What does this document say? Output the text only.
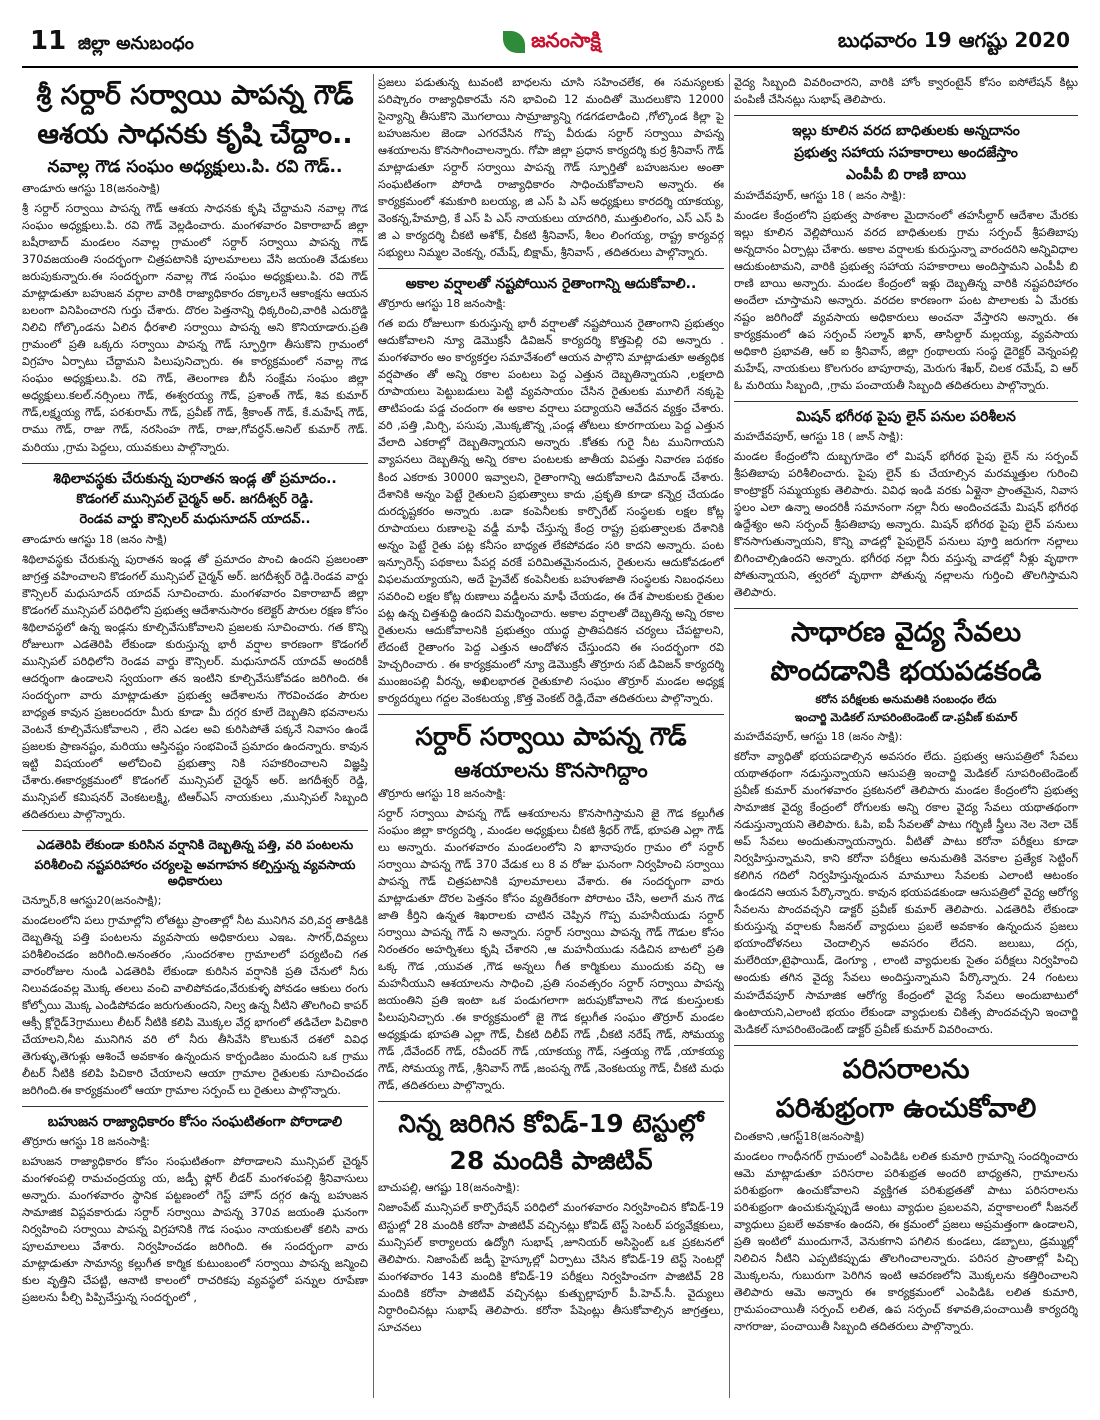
11 జిల్లా అనుబంధం	జనంసాక్షి	బుధవారం 19 ఆగష్టు 2020
శ్రీ సర్దార్ సర్వాయి పాపన్న గౌడ్
ఆశయ సాధనకు కృషి చేద్దాం..
నవాల్ల గౌడ సంఘం అధ్యక్షులు.పి. రవి గౌడ్..
తాండూరు ఆగస్టు 18(జనంసాక్షి)

శ్రీ సర్దార్ సర్వాయి పాపన్న గౌడ్ ఆశయ సాధనకు కృషి చేద్దామని నవాల్ల గౌడ సంఘం అధ్యక్షులు.పి. రవి గౌడ్ వెల్లడించారు. మంగళవారం వికారాబాద్ జిల్లా బషీరాబాద్ మండలం నవాల్ల గ్రామంలో సర్దార్ సర్వాయి పాపన్న గౌడ్ 370వజయంతి సందర్భంగా చిత్రపటానికి పూలమాలలు వేసి జయంతి వేడుకలు జరుపుకున్నారు.ఈ సందర్భంగా నవాల్ల గౌడ సంఘం అధ్యక్షులు.పి. రవి గౌడ్ మాట్లాడుతూ బహుజన వర్గాల వారికి రాజ్యాధికారం దక్కాలనే ఆకాంక్షను ఆయన బలంగా వినిపించారని గుర్తు చేశారు. దొరల పెత్తనాన్ని ధిక్కరించి,వారికి ఎదురొడ్డి నిలిచి గోల్కొండను ఏలిన ధీరశాలి సర్వాయి పాపన్న అని కొనియాడారు.ప్రతి గ్రామంలో ప్రతి ఒక్కరు సర్వాయి పాపన్న గౌడ్ స్ఫూర్తిగా తీసుకొని గ్రామంలో విగ్రహం ఏర్పాటు చేద్దామని పిలుపునిచ్చారు. ఈ కార్యక్రమంలో నవాల్ల గౌడ సంఘం అధ్యక్షులు.పి. రవి గౌడ్, తెలంగాణ బీసీ సంక్షేమ సంఘం జిల్లా అధ్యక్షులు.కలల్.నర్సింలు గౌడ్, ఈశ్వరయ్య గౌడ్, ప్రశాంత్ గౌడ్, శివ కుమార్ గౌడ్,లక్ష్మయ్య గౌడ్, పరశురామ్ గౌడ్, ప్రవీణ్ గౌడ్, శ్రీకాంత్ గౌడ్, కే.మహేష్ గౌడ్, రాము గౌడ్, రాజు గౌడ్, నరసింహ గౌడ్, రాజు,గోవర్ధన్.అనిల్ కుమార్ గౌడ్. మరియు ,గ్రామ పెద్దలు, యువకులు పాల్గొన్నారు.

శిథిలావస్థకు చేరుకున్న పురాతన ఇండ్ల తో ప్రమాదం..
కొడంగల్ మున్సిపల్ చైర్మన్ అర్. జగదీశ్వర్ రెడ్డి.
రెండవ వార్డు కౌన్సిలర్ మధుసూదన్ యాదవ్..
తాండూరు ఆగస్టు 18 (జనం సాక్షి)

శిథిలావస్థకు చేరుకున్న పురాతన ఇండ్ల తో ప్రమాదం పొంచి ఉందని ప్రజలంతా జాగ్రత్త వహించాలని కొడంగల్ మున్సిపల్ చైర్మన్ అర్. జగదీశ్వర్ రెడ్డి.రెండవ వార్డు కౌన్సిలర్ మధుసూదన్ యాదవ్ సూచించారు. మంగళవారం వికారాబాద్ జిల్లా కొడంగల్ మున్సిపల్ పరిధిలోని ప్రభుత్వ ఆదేశానుసారం కలెక్టర్ పౌరుల రక్షణ కోసం శిథిలావస్థలో ఉన్న ఇండ్లను కూల్చివేసుకోవాలని ప్రజలకు సూచించారు. గత కొన్ని రోజులుగా ఎడతెరిపి లేకుండా కురుస్తున్న భారీ వర్షాల కారణంగా కొడంగల్ మున్సిపల్ పరిధిలోని రెండవ వార్డు కౌన్సిలర్. మధుసూదన్ యాదవ్ అందరికీ ఆదర్శంగా ఉండాలని స్వయంగా తన ఇంటిని కూల్చివేసుకోవడం జరిగింది. ఈ సందర్భంగా వారు మాట్లాడుతూ ప్రభుత్వ ఆదేశాలను గౌరవించడం పౌరుల బాధ్యత కావున ప్రజలందరూ మీరు కూడా మీ దగ్గర కూలే దెబ్బతిని భవనాలను వెంటనే కూల్చివేసుకోవాలని , లేని ఎడల అవి కురిసిపోతే పక్కనే నివాసం ఉండే ప్రజలకు ప్రాణనష్టం, మరియు ఆస్తినష్టం సంభవించే ప్రమాదం ఉందన్నారు. కావున ఇట్టి విషయంలో అలోచించి ప్రభుత్వా నికి సహకరించాలని విజ్ఞప్తి చేశారు.ఈకార్యక్రమంలో కొడంగల్ మున్సిపల్ చైర్మన్ అర్. జగదీశ్వర్ రెడ్డి, మున్సిపల్ కమిషనర్ వెంకటలక్ష్మి, టిఆర్ఎస్ నాయకులు ,మున్సిపల్ సిబ్బంది తదితరులు పాల్గొన్నారు.

ఎడతెరిపి లేకుండా కురిసిన వర్షానికి దెబ్బతిన్న పత్తి, వరి పంటలను
పరిశీలించి నష్టపరిహారం చర్యలపై అవగాహన కల్పిస్తున్న వ్యవసాయ అధికారులు
చెన్నూర్,8 ఆగస్టు20(జనంసాక్షి);

మండలంలోని పలు గ్రామాల్లోని లోతట్టు ప్రాంతాల్లో నీట మునిగిన వరి,వర్ష తాకిడికి దెబ్బతిన్న పత్తి పంటలను వ్యవసాయ అధికారులు ఎఇఒ. సాగర్,దివ్యలు పరిశీలించడం జరిగింది.అనంతరం ,సుందరశాల గ్రామాలలో పర్యటించి గత వారంరోజుల నుండి ఎడతెరిపి లేకుండా కురిసిన వర్షానికి ప్రతి చేనులో నీరు నిలువడంవల్ల మొక్క తలలు వంచి వాలిపోవడం,వేరుకుళ్ళ పోవడం ఆకులు రంగు కోల్పోయి మొక్క ఎండిపోవడం జరుగుతుందని, నిల్వ ఉన్న నీటిని తొలగించి కాపర్ ఆక్సీ క్లోరైడ్3గ్రాములు లీటర్ నీటికి కలిపి మొక్కల వేర్ల భాగంలో తడిచేలా పిచికారి చేయాలని,నీట మునిగిన వరి లో నీరు తీసివేసి కొలుకునే దశలో వివిధ తెగుళ్ళు,తెగుళ్లు ఆశించే అవకాశం ఉన్నందున కార్బండిజం మందుని ఒక గ్రాము లీటర్ నీటికి కలిపి పిచికారి చేయాలని ఆయా గ్రామాల రైతులకు సూచించడం జరిగింది.ఈ కార్యక్రమంలో ఆయా గ్రామాల సర్పంచ్ లు రైతులు పాల్గొన్నారు.

బహుజన రాజ్యాధికారం కోసం సంఘటితంగా పోరాడాలి
తొర్రూరు ఆగస్టు 18 జనంసాక్షి:

బహుజన రాజ్యాధికారం కోసం సంఘటితంగా పోరాడాలని మున్సిపల్ చైర్మన్ మంగళంపల్లి రామచంద్రయ్య య, జడ్పీ ఫ్లోర్ లీడర్ మంగళంపల్లి శ్రీనివాసులు అన్నారు. మంగళవారం స్థానిక పట్టణంలో గెస్ట్ హౌస్ దగ్గర ఉన్న బహుజన సామాజిక విప్లవకారుడు సర్దార్ సర్వాయి పాపన్న 370వ జయంతి ఘనంగా నిర్వహించి సర్వాయి పాపన్న విగ్రహానికి గౌడ సంఘం నాయకులతో కలిసి వారు పూలమాలలు వేశారు. నిర్వహించడం జరిగింది. ఈ సందర్భంగా వారు మాట్లాడుతూ సామాన్య కల్లుగీత కార్మిక కుటుంబంలో సర్వాయి పాపన్న జన్మించి కుల వృత్తిని చేపట్టి, ఆనాటి కాలంలో రాచరికపు వ్యవస్థలో పన్నుల రూపేణా ప్రజలను పీల్చి పిప్పిచేస్తున్న సందర్భంలో ,

ప్రజలు పడుతున్న టువంటి బాధలను చూసి సహించలేక, ఈ సమస్యలకు పరిష్కారం రాజ్యాధికారమే నని భావించి 12 మందితో మొదలుకొని 12000 సైన్యాన్ని తీసుకొని మొగలాయి సామ్రాజ్యాన్ని గడగడలాడించి ,గోల్కొండ కిల్లా పై బహుజనుల జెండా ఎగరవేసిన గొప్ప వీరుడు సర్దార్ సర్వాయి పాపన్న ఆశయాలను కొనసాగించాలన్నారు. గోపా జిల్లా ప్రధాన కార్యదర్శి కుర్ర శ్రీనివాస్ గౌడ్ మాట్లాడుతూ సర్దార్ సర్వాయి పాపన్న గౌడ్ స్ఫూర్తితో బహుజనుల అంతా సంఘటితంగా పోరాడి రాజ్యాధికారం సాధించుకోవాలని అన్నారు. ఈ కార్యక్రమంలో శమకూరి బలయ్య, జి ఎస్ పి ఎస్ అధ్యక్షులు కారదర్శి యాకయ్య, వెంకన్న,హేమాద్రి, కే ఎస్ పి ఎస్ నాయకులు యాదగిరి, ముత్తులింగం, ఎస్ ఎస్ పి జి ఎ కార్యదర్శి చీకటి అశోక్, చీకటి శ్రీనివాస్, శీలం లింగయ్య, రాష్ట్ర కార్యవర్గ సభ్యులు నిమ్మల వెంకన్న, రమేష్, బిక్షామ్, శ్రీనివాస్ , తదితరులు పాల్గొన్నారు.

అకాల వర్షాలతో నష్టపోయిన రైతాంగాన్ని ఆదుకోవాలి..
తొర్రూరు ఆగస్టు 18 జనంసాక్షి:

గత ఐదు రోజులుగా కురుస్తున్న భారీ వర్షాలతో నష్టపోయిన రైతాంగాని ప్రభుత్వం ఆదుకోవాలని న్యూ డెమొక్రసీ డివిజన్ కార్యదర్శి కొత్తపెల్లి రవి అన్నారు . మంగళవారం అం కార్యకర్తల సమావేశంలో ఆయన పాల్గొని మాట్లాడుతూ అత్యధిక వర్షపాతం తో అన్ని రకాల పంటలు పెద్ద ఎత్తున దెబ్బతిన్నాయని ,లక్షలాది రూపాయలు పెట్టుబడులు పెట్టి వ్యవసాయం చేసిన రైతులకు మూలిగే నక్కపై తాటిపండు పడ్డ చందంగా ఈ అకాల వర్షాలు పద్యాయని ఆవేదన వ్యక్తం చేశారు. వరి ,పత్తి ,మిర్చి, పసుపు ,మొక్కజొన్న ,పండ్ల తోటలు కూరగాయలు పెద్ద ఎత్తున వేలాది ఎకరాల్లో దెబ్బతిన్నాయని అన్నారు .కోతకు గురై నీట మునిగాయని వ్యాపనలు దెబ్బతిన్న అన్ని రకాల పంటలకు జాతీయ విపత్తు నివారణ పథకం కింద ఎకరాకు 30000 ఇవ్వాలని, రైతాంగాన్ని ఆదుకోవాలని డిమాండ్ చేశారు. దేశానికి అన్నం పెట్టే రైతులని ప్రభుత్వాలు కాదు ,ప్రకృతి కూడా కన్నెర్ర చేయడం దురదృష్టకరం అన్నారు .బడా కంపెనీలకు కార్పొరేట్ సంస్థలకు లక్షల కోట్ల రూపాయలు రుణాలపై వడ్డీ మాఫీ చేస్తున్న కేంద్ర రాష్ట్ర ప్రభుత్వాలకు దేశానికి అన్నం పెట్టే రైతు పట్ల కనీసం బాధ్యత లేకపోవడం సరి కాదని అన్నారు. పంట ఇన్సూరెన్స్ పథకాలు పేపర్ల వరకే పరిమితమైనందున, రైతులను ఆదుకోవడంలో విఫలమయ్యాయని, అదే ప్రైవేట్ కంపెనీలకు బహుళజాతి సంస్థలకు నిబంధనలు సవరించి లక్షల కోట్ల రుణాలు వడ్డీలను మాఫీ చేయడం, ఈ దేశ పాలకులకు రైతుల పట్ల ఉన్న చిత్తశుద్ధి ఉందని విమర్శించారు. అకాల వర్షాలతో దెబ్బతిన్న అన్ని రకాల రైతులను ఆదుకోవాలనికి ప్రభుత్వం యుద్ధ ప్రాతిపదికన చర్యలు చేపట్టాలని, లేదంటే రైతాంగం పెద్ద ఎత్తున ఆందోళన చేస్తుందని ఈ సందర్భంగా రవి హెచ్చరించారు . ఈ కార్యక్రమంలో న్యూ డెమొక్రసీ తొర్రూరు సబ్ డివిజన్ కార్యదర్శి ముంజంపల్లి వీరన్న, అఖిలభారత రైతుకూలి సంఘం తొర్రూర్ మండల అధ్యక్ష కార్యదర్శులు గద్దల వెంకటయ్య ,కొత్త వెంకట్ రెడ్డి,దేవా తదితరులు పాల్గొన్నారు.

సర్దార్ సర్వాయి పాపన్న గౌడ్
ఆశయాలను కొనసాగిద్దాం
తొర్రూరు ఆగస్టు 18 జనంసాక్షి:

సర్దార్ సర్వాయి పాపన్న గౌడ్ ఆశయాలను కొనసాగిస్తామని జై గౌడ కల్లుగీత సంఘం జిల్లా కార్యదర్శి , మండల అధ్యక్షులు చీకటి శ్రీధర్ గౌడ్, భూపతి ఎల్లా గౌడ్ లు అన్నారు. మంగళవారం మండలంలోని ని ఖానాపురం గ్రామం లో సర్దార్ సర్వాయి పాపన్న గౌడ్ 370 వేడుక లు 8 వ రోజు ఘనంగా నిర్వహించి సర్వాయి పాపన్న గౌడ్ చిత్రపటానికి పూలమాలలు వేశారు. ఈ సందర్భంగా వారు మాట్లాడుతూ దొరల పెత్తనం కోసం వ్యతిరేకంగా పోరాటం చేసి, అలాగే మన గౌడ జాతి కీర్తిని ఉన్నత శిఖరాలకు చాటిన చెప్పిన గొప్ప మహనీయుడు సర్దార్ సర్వాయి పాపన్న గౌడ్ ని అన్నారు. సర్దార్ సర్వాయి పాపన్న గౌడ్ గౌడుల కోసం నిరంతరం అహర్నిశలు కృషి చేశారని ,ఆ మహనీయుడు నడిచిన బాటలో ప్రతి ఒక్క గౌడ ,యువత ,గౌడ అన్నలు గీత కార్మికులు ముందుకు వచ్చి ఆ మహనీయుని ఆశయాలను సాధించి ,ప్రతి సంవత్సరం సర్దార్ సర్వాయి పాపన్న జయంతిని ప్రతి ఇంటా ఒక పండుగలాగా జరుపుకోవాలని గౌడ కులస్తులకు పిలుపునిచ్చారు .ఈ కార్యక్రమంలో జై గౌడ కల్లుగీత సంఘం తొర్రూర్ మండల అధ్యక్షుడు భూపతి ఎల్లా గౌడ్, చీకటి దిలీప్ గౌడ్ ,చీకటి నరేష్ గౌడ్, సోమయ్య గౌడ్ ,దేవేందర్ గౌడ్, రవీందర్ గౌడ్ ,యాకయ్య గౌడ్, సత్తయ్య గౌడ్ ,యాకయ్య గౌడ్, సోమయ్య గౌడ్, ,శ్రీనివాస్ గౌడ్ ,జంపన్న గౌడ్ ,వెంకటయ్య గౌడ్, చీకటి మధు గౌడ్, తదితరులు పాల్గొన్నారు.

నిన్న జరిగిన కోవిడ్-19 టెస్టుల్లో
28 మందికి పాజిటివ్
బాచుపల్లి, ఆగష్టు 18(జనంసాక్షి):

నిజాంపేట్ మున్సిపల్ కార్పొరేషన్ పరిధిలో మంగళవారం నిర్వహించిన కోవిడ్-19 టెస్టుల్లో 28 మందికి కరోనా పాజిటివ్ వచ్చినట్లు కోవిడ్ టెస్ట్ సెంటర్ పర్యవేక్షకులు, మున్సిపల్ కార్యాలయ ఉద్యోగి సుభాష్ ,జూనియర్ అసిస్టెంట్ ఒక ప్రకటనలో తెలిపారు. నిజాంపేట్ జడ్పీ హైస్కూల్లో ఏర్పాటు చేసిన కోవిడ్-19 టెస్ట్ సెంటర్లో మంగళవారం 143 మందికి కోవిడ్-19 పరీక్షలు నిర్వహించగా పాజిటివ్ 28 మందికి కరోనా పాజిటివ్ వచ్చినట్లు కుత్బుల్లాపూర్ పీ.హెచ్.సీ. వైద్యులు నిర్ధారించినట్లు సుభాష్ తెలిపారు. కరోనా పేషెంట్లు తీసుకోవాల్సిన జాగ్రత్తలు, సూచనలు

వైద్య సిబ్బంది వివరించారని, వారికి హోం క్వారంటైన్ కోసం ఐసోలేషన్ కిట్లు పంపిణీ చేసినట్లు సుభాష్ తెలిపారు.

ఇల్లు కూలిన వరద బాధితులకు అన్నదానం
ప్రభుత్వ సహాయ సహకారాలు అందజేస్తాం
ఎంపీపీ బి రాణి బాయి
మహదేవపూర్, ఆగస్టు 18 ( జనం సాక్షి):

మండల కేంద్రంలోని ప్రభుత్వ పాఠశాల మైదానంలో తహసీల్దార్ ఆదేశాల మేరకు ఇల్లు కూలిన వెల్లిపోయిన వరద బాధితులకు గ్రామ సర్పంచ్ శ్రీపతిబాపు అన్నదానం ఏర్పాట్లు చేశారు. అకాల వర్షాలకు కురుస్తున్నా వారందరిని అన్నివిధాల ఆదుకుంటామని, వారికి ప్రభుత్వ సహాయ సహకారాలు అందిస్తామని ఎంపీపీ బి రాణి బాయి అన్నారు. మండల కేంద్రంలో ఇళ్లు దెబ్బతిన్న వారికి నష్టపరిహారం అందేలా చూస్తామని అన్నారు. వరదల కారణంగా పంట పొలాలకు ఏ మేరకు నష్టం జరిగిందో వ్యవసాయ అధికారులు అంచనా వేస్తారని అన్నారు. ఈ కార్యక్రమంలో ఉప సర్పంచ్ సల్మాన్ ఖాన్, తాసిల్దార్ మల్లయ్య, వ్యవసాయ అధికారి ప్రభావతి, ఆర్ ఐ శ్రీనివాస్, జిల్లా గ్రంథాలయ సంస్థ డైరెక్టర్ వెన్నంపల్లి మహేష్, నాయకులు కొలగురం బాపూరావు, మెరుగు శేఖర్, చిలక రమేష్, వి ఆర్ ఓ మరియు సిబ్బంది, ,గ్రామ పంచాయతీ సిబ్బంది తదితరులు పాల్గొన్నారు.

మిషన్ భగీరథ పైపు లైన్ పనుల పరిశీలన
మహదేవపూర్, ఆగస్టు 18 ( జాన్ సాక్షి):

మండల కేంద్రంలోని దుబ్బగూడెం లో మిషన్ భగీరథ పైపు లైన్ ను సర్పంచ్ శ్రీపతిబాపు పరిశీలించారు. పైపు లైన్ కు చేయాల్సిన మరమ్మత్తుల గురించి కాంట్రాక్టర్ సమ్మయ్యకు తెలిపారు. వివిధ ఇండి వరకు ఏళ్లైనా ప్రాంతమైన, నివాస స్థలం ఎలా ఉన్నా అందరికీ సమానంగా నల్లా నీరు అందించడమే మిషన్ భగీరథ ఉద్దేశ్యం అని సర్పంచ్ శ్రీపతిబాపు అన్నారు. మిషన్ భగీరథ పైపు లైన్ పనులు కొనసాగుతున్నాయని, కొన్ని వాడల్లో పైపులైన్ పనులు పూర్తి జరుగగా నల్లాలు బిగించాల్సిఉందని అన్నారు. భగీరథ నల్లా నీరు వస్తున్న వాడల్లో నీళ్లు వృథాగా పోతున్నాయని, త్వరలో వృథాగా పోతున్న నల్లాలను గుర్తించి తొలగిస్తామని తెలిపారు.

సాధారణ వైద్య సేవలు
పొందడానికి భయపడకండి
కరోన పరీక్షలకు అనుమతికి సంబంధం లేదు
ఇంచార్జి మెడికల్ సూపరింటెండెంట్ డా.ప్రవీణ్ కుమార్
మహదేవపూర్, ఆగస్టు 18 (జనం సాక్షి):

కరోనా వ్యాధితో భయపడాల్సిన అవసరం లేదు. ప్రభుత్వ ఆసుపత్రిలో సేవలు యథాతథంగా నడుస్తున్నాయని ఆసుపత్రి ఇంచార్జి మెడికల్ సూపరింటెండెంట్ ప్రవీణ్ కుమార్ మంగళవారం ప్రకటనలో తెలిపారు మండల కేంద్రంలోని ప్రభుత్వ సామాజిక వైద్య కేంద్రంలో రోగులకు అన్ని రకాల వైద్య సేవలు యథాతథంగా నడుస్తున్నాయని తెలిపారు. ఓపి, ఐపీ సేవలతో పాటు గర్భిణీ స్త్రీలు నెల నెలా చెక్ అప్ సేవలు అందుతున్నాయన్నారు. వీటితో పాటు కరోనా పరీక్షలు కూడా నిర్వహిస్తున్నామని, కాని కరోనా పరీక్షలు అనుమతికి వెనకాల ప్రత్యేక సెట్టింగ్ కలిగిన గదిలో నిర్వహిస్తున్నందున మామూలు సేవలకు ఎలాంటి ఆటంకం ఉండదని ఆయన పేర్కొన్నారు. కావున భయపడకుండా ఆసుపత్రిలో వైద్య ఆరోగ్య సేవలను పొందవచ్చని డాక్టర్ ప్రవీణ్ కుమార్ తెలిపారు. ఎడతెరిపి లేకుండా కురుస్తున్న వర్షాలకు సీజనల్ వ్యాధులు ప్రబలే అవకాశం ఉన్నందున ప్రజలు భయాందోళనలు చెందాల్సిన అవసరం లేదని. జలుబు, దగ్గు, మలేరియా,టైఫాయిడ్, డెంగ్యూ , లాంటి వ్యాధులకు సైతం పరీక్షలు నిర్వహించి అందుకు తగిన వైద్య సేవలు అందిస్తున్నామని పేర్కొన్నారు. 24 గంటలు మహదేవపూర్ సామాజిక ఆరోగ్య కేంద్రంలో వైద్య సేవలు అందుబాటులో ఉంటాయని,ఎలాంటి భయం లేకుండా వ్యాధులకు చికిత్స పొందవచ్చని ఇంచార్జి మెడికల్ సూపరింటెండెంట్ డాక్టర్ ప్రవీణ్ కుమార్ వివరించారు.

పరిసరాలను
పరిశుభ్రంగా ఉంచుకోవాలి
చింతకాని ,ఆగస్ట్18(జనంసాక్షి)

మండలం గాంధీనగర్ గ్రామంలో ఎంపిడిఓ లలిత కుమారి గ్రామాన్ని సందర్శించారు ఆమె మాట్లాడుతూ పరిసరాల పరిశుభ్రత అందరి బాధ్యతని, గ్రామాలను పరిశుభ్రంగా ఉంచుకోవాలని వ్యక్తిగత పరిశుభ్రతతో పాటు పరిసరాలను పరిశుభ్రంగా ఉంచుకున్నప్పుడే అంటు వ్యాధుల ప్రబలవని, వర్షాకాలంలో సీజనల్ వ్యాధులు ప్రబలే అవకాశం ఉందని, ఈ క్రమంలో ప్రజలు అప్రమత్తంగా ఉండాలని, ప్రతి ఇంటిలో ముందుగానే, వెనుకగాని పగిలిన కుండలు, డబ్బాలు, డ్రమ్ముల్లో నిలిచిన నీటిని ఎప్పటికప్పుడు తొలగించాలన్నారు. పరిసర ప్రాంతాల్లో పిచ్చి మొక్కలను, గుబురుగా పెరిగిన ఇంటి ఆవరణలోని మొక్కలను కత్తిరించాలని తెలిపారు ఆమె అన్నారు ఈ కార్యక్రమంలో ఎంపిడిఓ లలిత కుమారి, గ్రామపంచాయితీ సర్పంచ్ లలిత, ఉప సర్పంచ్ కళావతి,పంచాయితీ కార్యదర్శి నాగరాజు, పంచాయితీ సిబ్బంది తదితరులు పాల్గొన్నారు.
